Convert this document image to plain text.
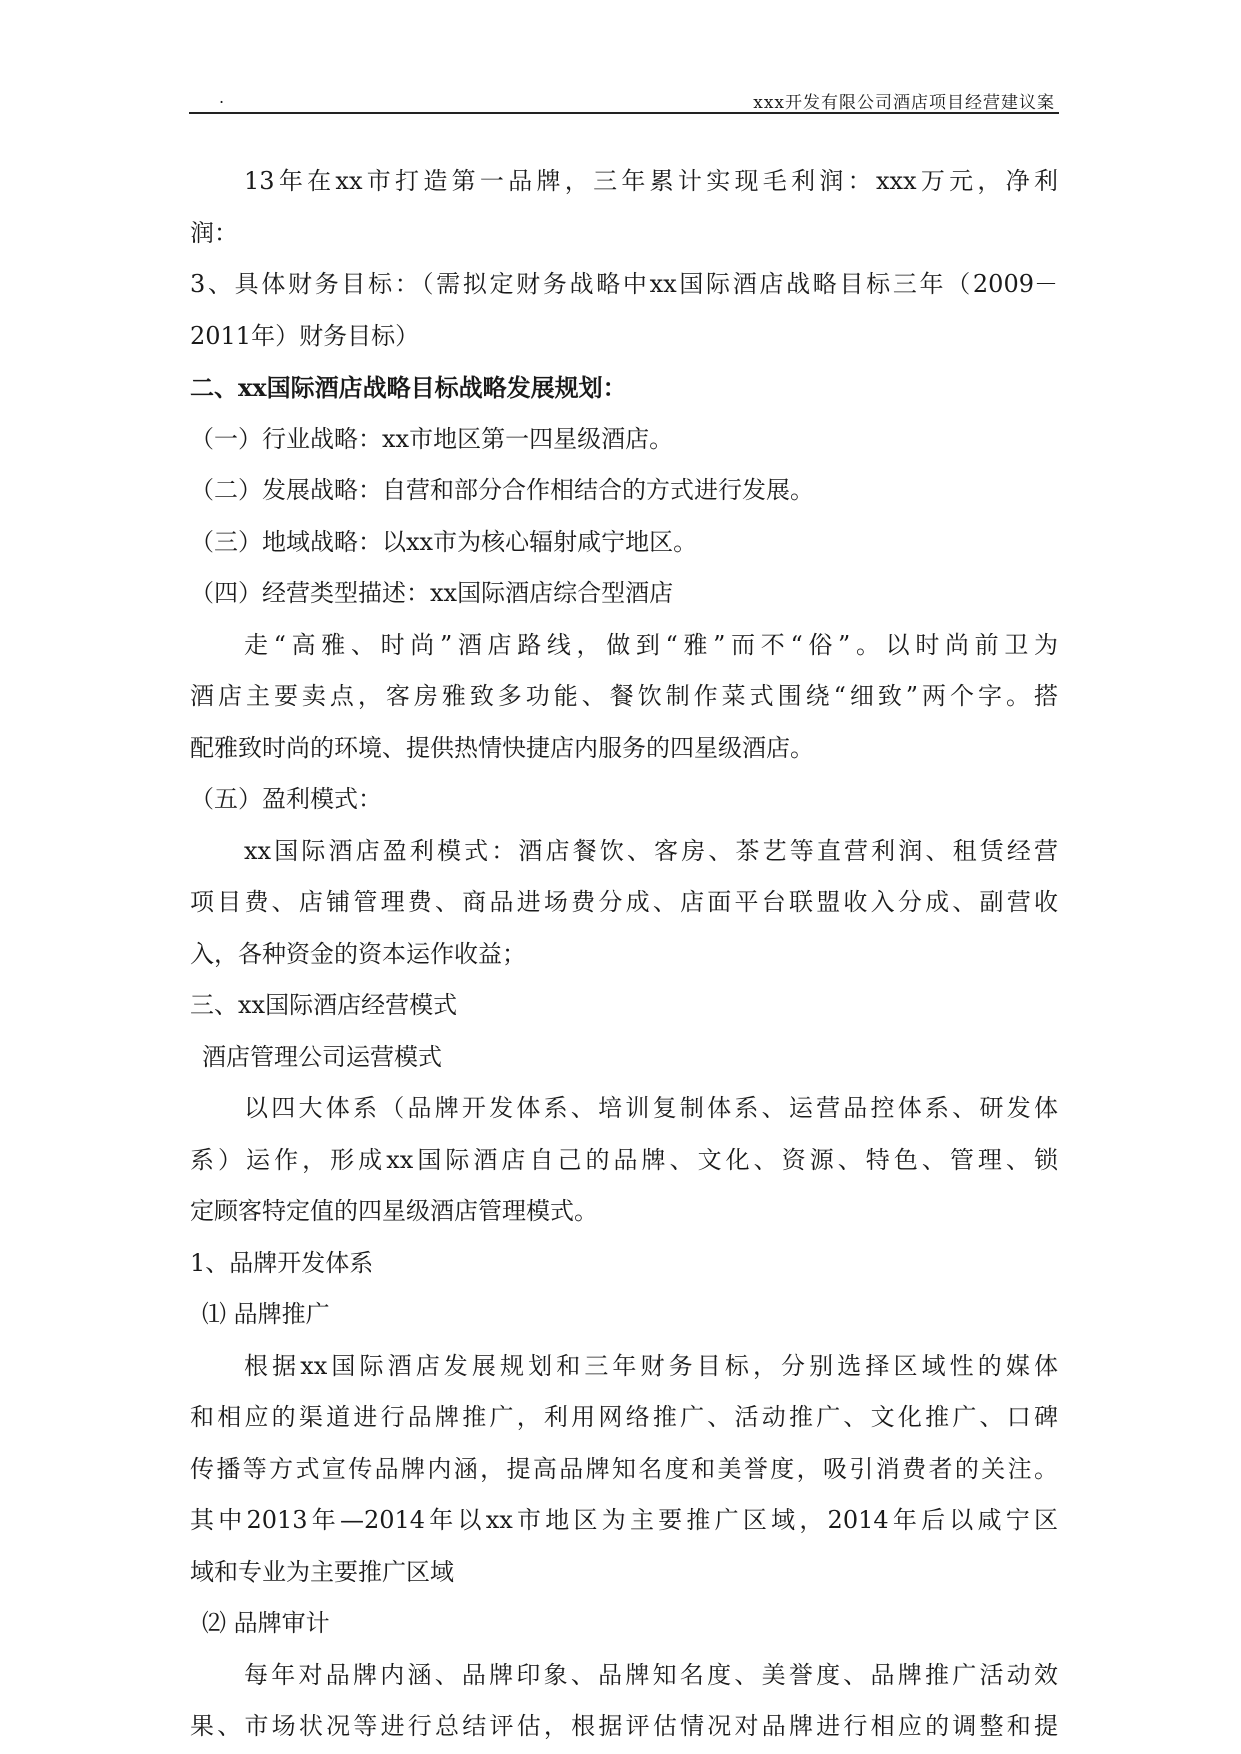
.	xxx开发有限公司酒店项目经营建议案
13年在xx市打造第一品牌，三年累计实现毛利润：xxx万元，净利
润：
3、具体财务目标：（需拟定财务战略中xx国际酒店战略目标三年（2009－
2011年）财务目标）
二、xx国际酒店战略目标战略发展规划：
（一）行业战略：xx市地区第一四星级酒店。
（二）发展战略：自营和部分合作相结合的方式进行发展。
（三）地域战略：以xx市为核心辐射咸宁地区。
（四）经营类型描述：xx国际酒店综合型酒店
走“高雅、时尚”酒店路线，做到“雅”而不“俗”。以时尚前卫为
酒店主要卖点，客房雅致多功能、餐饮制作菜式围绕“细致”两个字。搭
配雅致时尚的环境、提供热情快捷店内服务的四星级酒店。
（五）盈利模式：
xx国际酒店盈利模式：酒店餐饮、客房、茶艺等直营利润、租赁经营
项目费、店铺管理费、商品进场费分成、店面平台联盟收入分成、副营收
入，各种资金的资本运作收益；
三、xx国际酒店经营模式
酒店管理公司运营模式
以四大体系（品牌开发体系、培训复制体系、运营品控体系、研发体
系）运作，形成xx国际酒店自己的品牌、文化、资源、特色、管理、锁
定顾客特定值的四星级酒店管理模式。
1、品牌开发体系
⑴ 品牌推广
根据xx国际酒店发展规划和三年财务目标，分别选择区域性的媒体
和相应的渠道进行品牌推广，利用网络推广、活动推广、文化推广、口碑
传播等方式宣传品牌内涵，提高品牌知名度和美誉度，吸引消费者的关注。
其中2013年—2014年以xx市地区为主要推广区域，2014年后以咸宁区
域和专业为主要推广区域
⑵ 品牌审计
每年对品牌内涵、品牌印象、品牌知名度、美誉度、品牌推广活动效
果、市场状况等进行总结评估，根据评估情况对品牌进行相应的调整和提
